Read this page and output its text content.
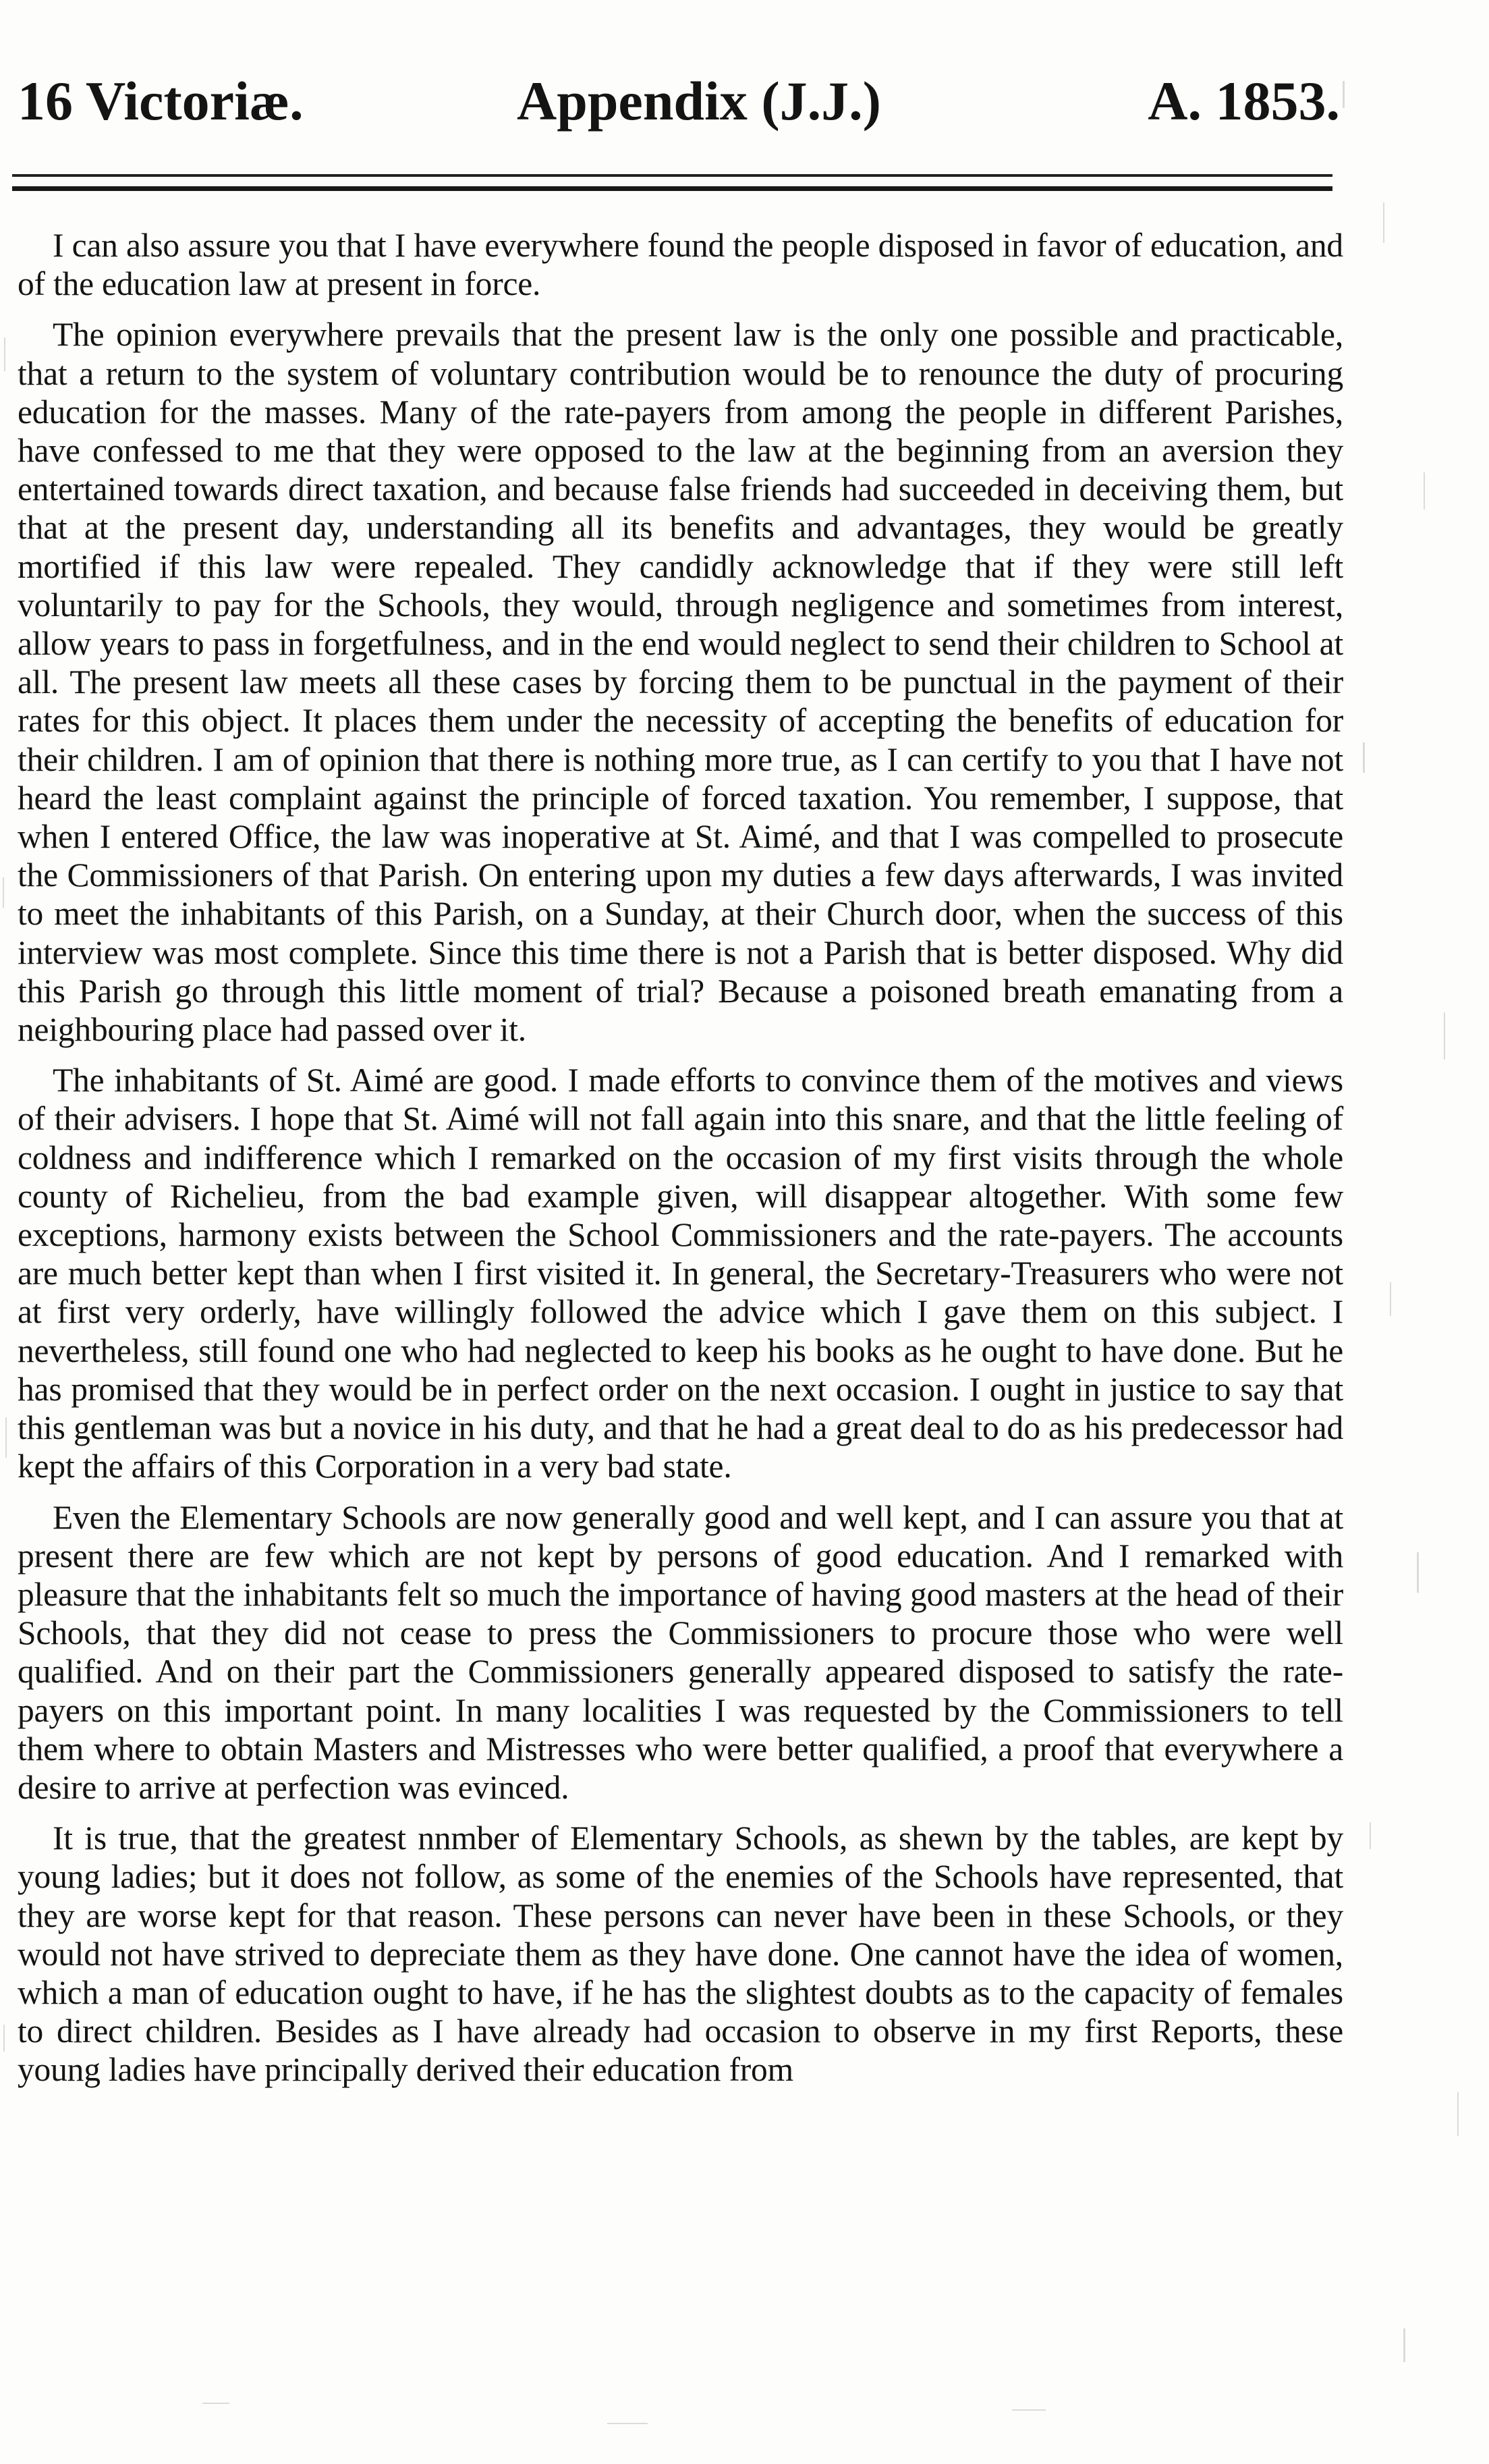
16 Victoriæ.	Appendix (J.J.)	A. 1853.

I can also assure you that I have everywhere found the people disposed in favor of education, and of the education law at present in force.

The opinion everywhere prevails that the present law is the only one possible and practicable, that a return to the system of voluntary contribution would be to renounce the duty of procuring education for the masses. Many of the rate-payers from among the people in different Parishes, have confessed to me that they were opposed to the law at the beginning from an aversion they entertained towards direct taxation, and because false friends had succeeded in deceiving them, but that at the present day, understanding all its benefits and advantages, they would be greatly mortified if this law were repealed. They candidly acknowledge that if they were still left voluntarily to pay for the Schools, they would, through negligence and sometimes from interest, allow years to pass in forgetfulness, and in the end would neglect to send their children to School at all. The present law meets all these cases by forcing them to be punctual in the payment of their rates for this object. It places them under the necessity of accepting the benefits of education for their children. I am of opinion that there is nothing more true, as I can certify to you that I have not heard the least complaint against the principle of forced taxation. You remember, I suppose, that when I entered Office, the law was inoperative at St. Aimé, and that I was compelled to prosecute the Commissioners of that Parish. On entering upon my duties a few days afterwards, I was invited to meet the inhabitants of this Parish, on a Sunday, at their Church door, when the success of this interview was most complete. Since this time there is not a Parish that is better disposed. Why did this Parish go through this little moment of trial? Because a poisoned breath emanating from a neighbouring place had passed over it.

The inhabitants of St. Aimé are good. I made efforts to convince them of the motives and views of their advisers. I hope that St. Aimé will not fall again into this snare, and that the little feeling of coldness and indifference which I remarked on the occasion of my first visits through the whole county of Richelieu, from the bad example given, will disappear altogether. With some few exceptions, harmony exists between the School Commissioners and the rate-payers. The accounts are much better kept than when I first visited it. In general, the Secretary-Treasurers who were not at first very orderly, have willingly followed the advice which I gave them on this subject. I nevertheless, still found one who had neglected to keep his books as he ought to have done. But he has promised that they would be in perfect order on the next occasion. I ought in justice to say that this gentleman was but a novice in his duty, and that he had a great deal to do as his predecessor had kept the affairs of this Corporation in a very bad state.

Even the Elementary Schools are now generally good and well kept, and I can assure you that at present there are few which are not kept by persons of good education. And I remarked with pleasure that the inhabitants felt so much the importance of having good masters at the head of their Schools, that they did not cease to press the Commissioners to procure those who were well qualified. And on their part the Commissioners generally appeared disposed to satisfy the rate-payers on this important point. In many localities I was requested by the Commissioners to tell them where to obtain Masters and Mistresses who were better qualified, a proof that everywhere a desire to arrive at perfection was evinced.

It is true, that the greatest nnmber of Elementary Schools, as shewn by the tables, are kept by young ladies; but it does not follow, as some of the enemies of the Schools have represented, that they are worse kept for that reason. These persons can never have been in these Schools, or they would not have strived to depreciate them as they have done. One cannot have the idea of women, which a man of education ought to have, if he has the slightest doubts as to the capacity of females to direct children. Besides as I have already had occasion to observe in my first Reports, these young ladies have principally derived their education from
